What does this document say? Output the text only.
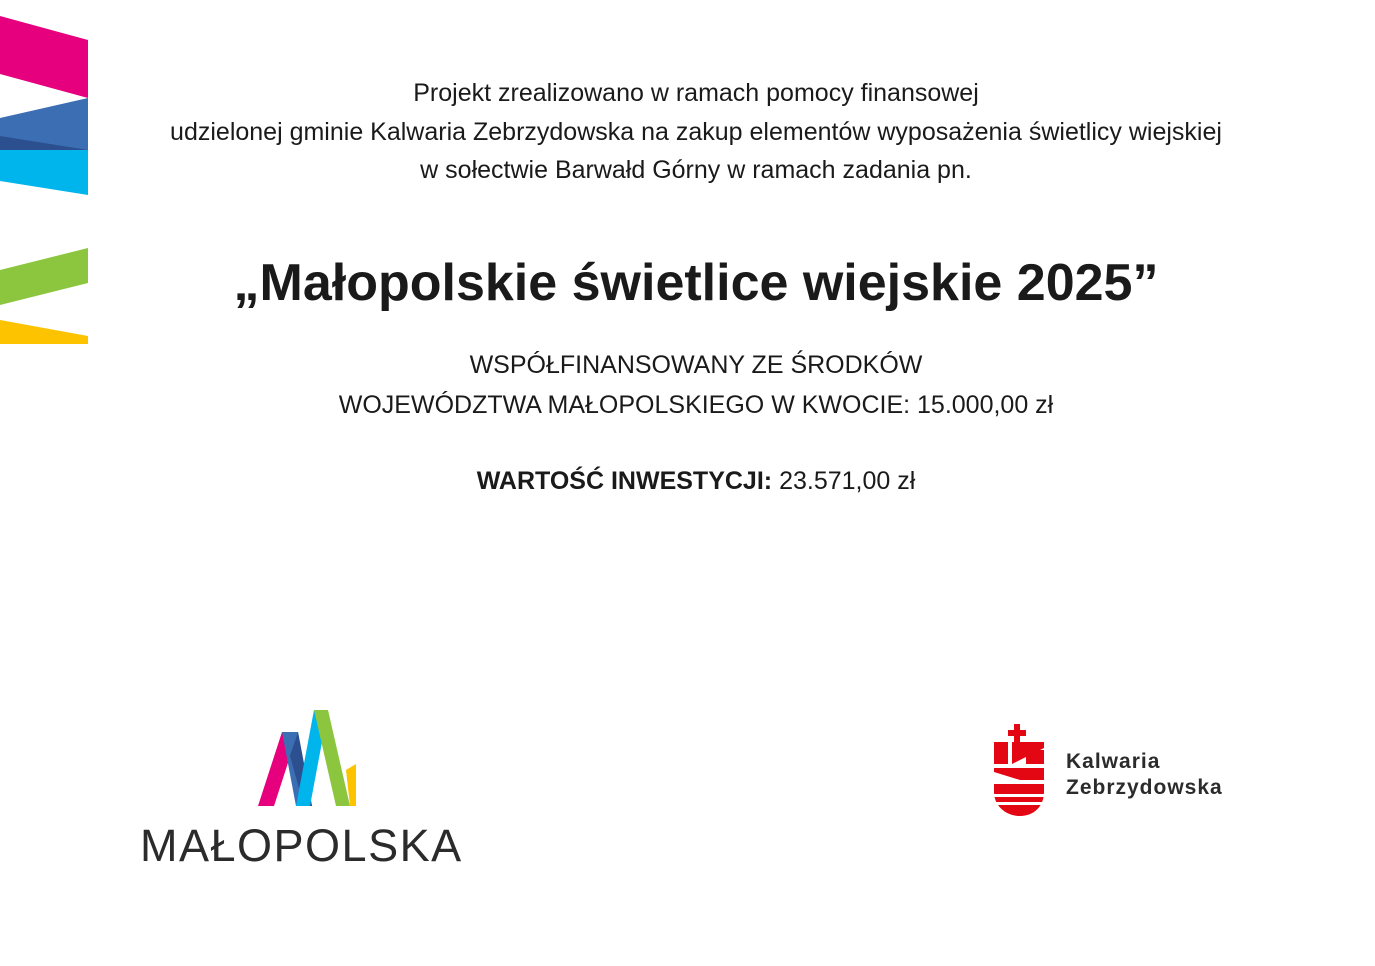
Projekt zrealizowano w ramach pomocy finansowej
udzielonej gminie Kalwaria Zebrzydowska na zakup elementów wyposażenia świetlicy wiejskiej
w sołectwie Barwałd Górny w ramach zadania pn.
„Małopolskie świetlice wiejskie 2025”
WSPÓŁFINANSOWANY ZE ŚRODKÓW
WOJEWÓDZTWA MAŁOPOLSKIEGO W KWOCIE: 15.000,00 zł
WARTOŚĆ INWESTYCJI: 23.571,00 zł
MAŁOPOLSKA
Kalwaria
Zebrzydowska
